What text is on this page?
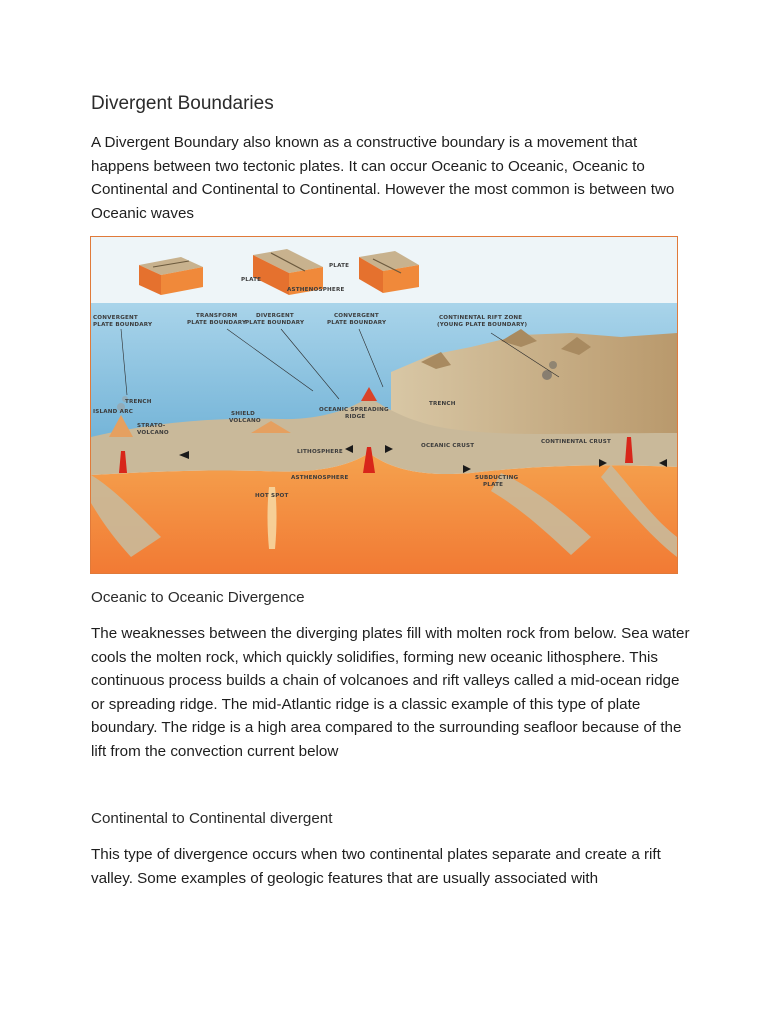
Divergent Boundaries
A Divergent Boundary also known as a constructive boundary is a movement that happens between two tectonic plates. It can occur Oceanic to Oceanic, Oceanic to Continental and Continental to Continental. However the most common is between two Oceanic waves
CONVERGENT
PLATE BOUNDARY
TRANSFORM
PLATE BOUNDARY
DIVERGENT
PLATE BOUNDARY
CONVERGENT
PLATE BOUNDARY
CONTINENTAL RIFT ZONE
(YOUNG PLATE BOUNDARY)
PLATE
PLATE
ASTHENOSPHERE
TRENCH
ISLAND ARC
STRATO-
VOLCANO
SHIELD
VOLCANO
OCEANIC SPREADING
RIDGE
TRENCH
OCEANIC CRUST
CONTINENTAL CRUST
LITHOSPHERE
ASTHENOSPHERE
HOT SPOT
SUBDUCTING
PLATE
Oceanic to Oceanic Divergence
The weaknesses between the diverging plates fill with molten rock from below. Sea water cools the molten rock, which quickly solidifies, forming new oceanic lithosphere. This continuous process builds a chain of volcanoes and rift valleys called a mid-ocean ridge or spreading ridge. The mid-Atlantic ridge is a classic example of this type of plate boundary. The ridge is a high area compared to the surrounding seafloor because of the lift from the convection current below
Continental to Continental divergent
This type of divergence occurs when two continental plates separate and create a rift valley. Some examples of geologic features that are usually associated with
